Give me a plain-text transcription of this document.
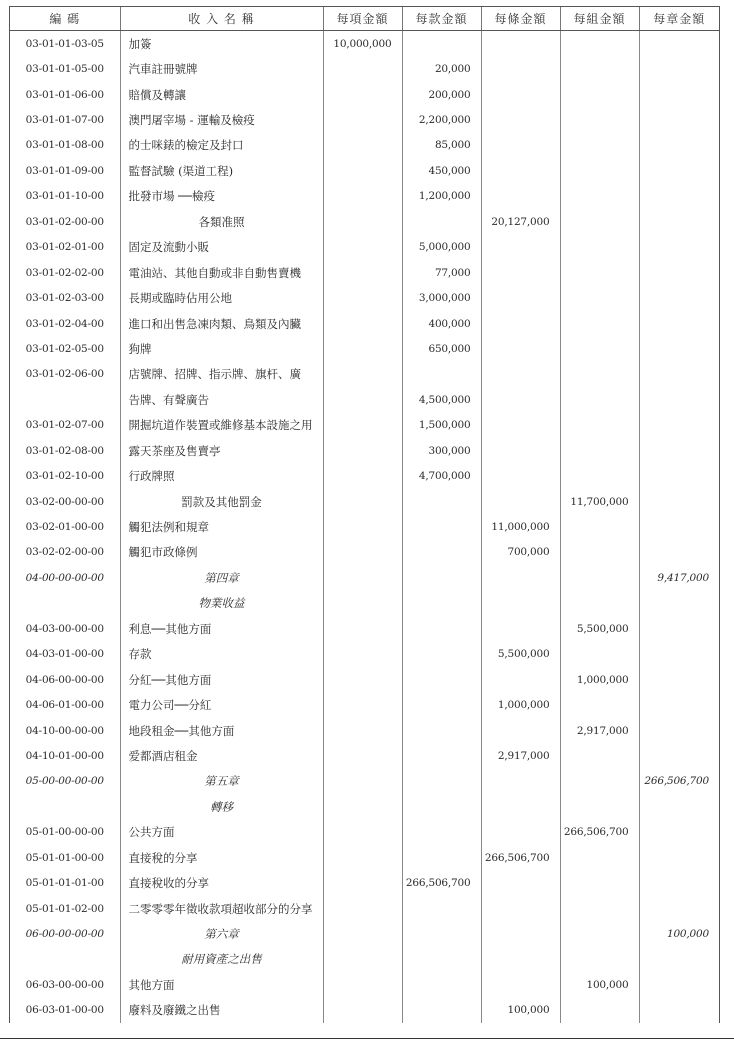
編 碼	收 入 名 稱	每項金額	每款金額	每條金額	每組金額	每章金額
03-01-01-03-05	加簽	10,000,000				
03-01-01-05-00	汽車註冊號牌		20,000			
03-01-01-06-00	賠償及轉讓		200,000			
03-01-01-07-00	澳門屠宰場 - 運輸及檢疫		2,200,000			
03-01-01-08-00	的士咪錶的檢定及封口		85,000			
03-01-01-09-00	監督試驗 (渠道工程)		450,000			
03-01-01-10-00	批發市場 ──檢疫		1,200,000			
03-01-02-00-00	各類准照			20,127,000		
03-01-02-01-00	固定及流動小販		5,000,000			
03-01-02-02-00	電油站、其他自動或非自動售賣機		77,000			
03-01-02-03-00	長期或臨時佔用公地		3,000,000			
03-01-02-04-00	進口和出售急凍肉類、鳥類及內臟		400,000			
03-01-02-05-00	狗牌		650,000			
03-01-02-06-00	店號牌、招牌、指示牌、旗杆、廣					
	告牌、有聲廣告		4,500,000			
03-01-02-07-00	開掘坑道作裝置或維修基本設施之用		1,500,000			
03-01-02-08-00	露天茶座及售賣亭		300,000			
03-01-02-10-00	行政牌照		4,700,000			
03-02-00-00-00	罰款及其他罰金				11,700,000	
03-02-01-00-00	觸犯法例和規章			11,000,000		
03-02-02-00-00	觸犯市政條例			700,000		
04-00-00-00-00	第四章					9,417,000
	物業收益					
04-03-00-00-00	利息──其他方面				5,500,000	
04-03-01-00-00	存款			5,500,000		
04-06-00-00-00	分紅──其他方面				1,000,000	
04-06-01-00-00	電力公司──分紅			1,000,000		
04-10-00-00-00	地段租金──其他方面				2,917,000	
04-10-01-00-00	爱都酒店租金			2,917,000		
05-00-00-00-00	第五章					266,506,700
	轉移					
05-01-00-00-00	公共方面				266,506,700	
05-01-01-00-00	直接稅的分享			266,506,700		
05-01-01-01-00	直接稅收的分享		266,506,700			
05-01-01-02-00	二零零零年徵收款項超收部分的分享					
06-00-00-00-00	第六章					100,000
	耐用資產之出售					
06-03-00-00-00	其他方面				100,000	
06-03-01-00-00	廢料及廢鐵之出售			100,000		
